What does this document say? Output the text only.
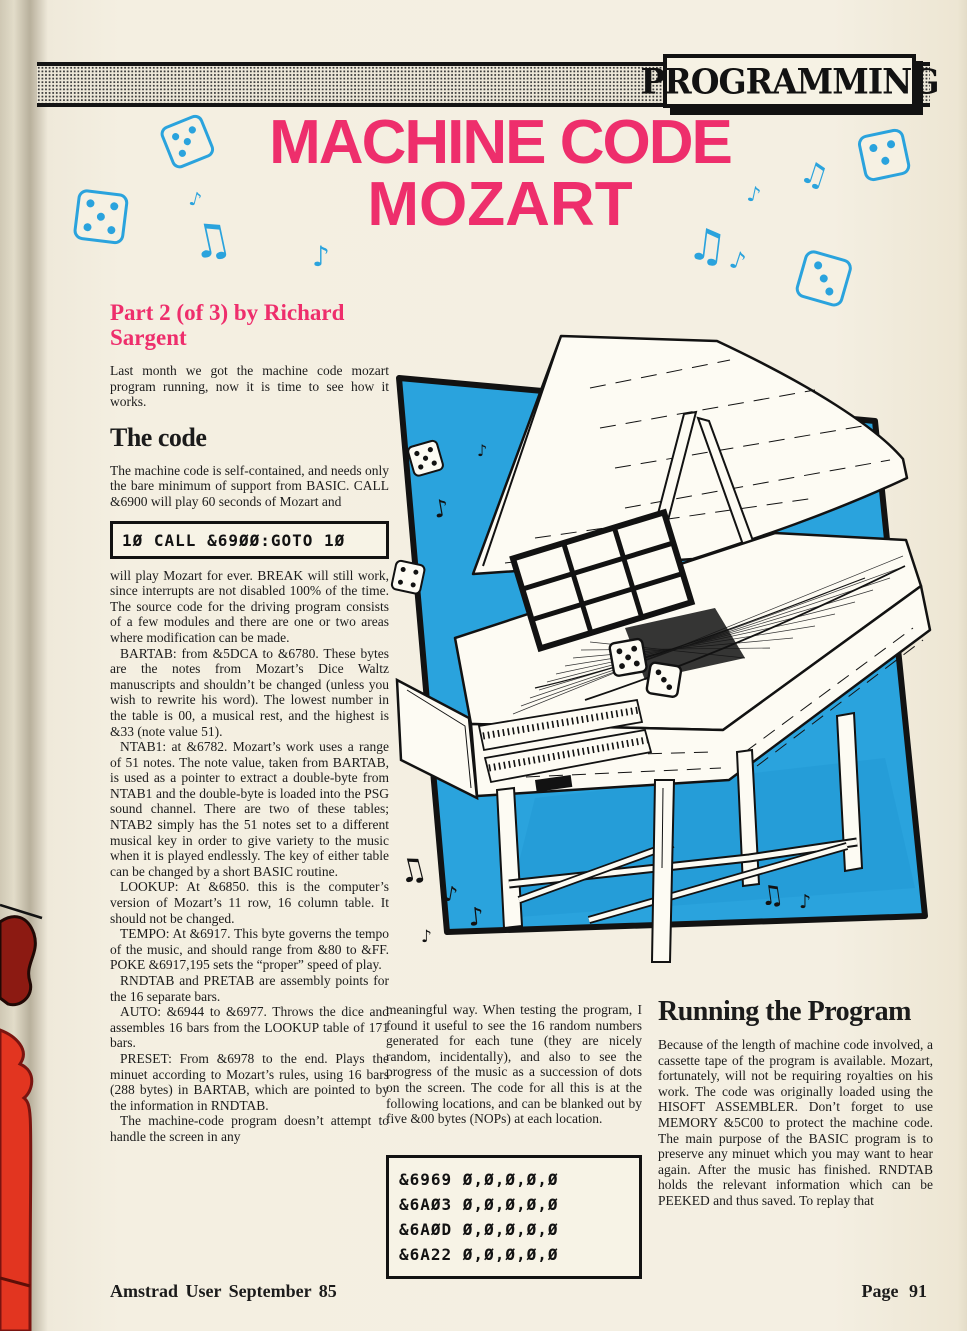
PROGRAMMING
MACHINE CODE
MOZART
♫
♪
♪	♫
♪
♪ ♫
Part 2 (of 3) by Richard Sargent

Last month we got the machine code mozart program running, now it is time to see how it works.

The code

The machine code is self-contained, and needs only the bare minimum of support from BASIC. CALL &6900 will play 60 seconds of Mozart and

1Ø CALL &69ØØ:GOTO 1Ø

will play Mozart for ever. BREAK will still work, since interrupts are not disabled 100% of the time. The source code for the driving program consists of a few modules and there are one or two areas where modification can be made.

BARTAB: from &5DCA to &6780. These bytes are the notes from Mozart’s Dice Waltz manuscripts and shouldn’t be changed (unless you wish to rewrite his word). The lowest number in the table is 00, a musical rest, and the highest is &33 (note value 51).

NTAB1: at &6782. Mozart’s work uses a range of 51 notes. The note value, taken from BARTAB, is used as a pointer to extract a double-byte from NTAB1 and the double-byte is loaded into the PSG sound channel. There are two of these tables; NTAB2 simply has the 51 notes set to a different musical key in order to give variety to the music when it is played endlessly. The key of either table can be changed by a short BASIC routine.

LOOKUP: At &6850. this is the computer’s version of Mozart’s 11 row, 16 column table. It should not be changed.

TEMPO: At &6917. This byte governs the tempo of the music, and should range from &80 to &FF. POKE &6917,195 sets the “proper” speed of play.

RNDTAB and PRETAB are assembly points for the 16 separate bars.

AUTO: &6944 to &6977. Throws the dice and assembles 16 bars from the LOOKUP table of 171 bars.

PRESET: From &6978 to the end. Plays the minuet according to Mozart’s rules, using 16 bars (288 bytes) in BARTAB, which are pointed to by the information in RNDTAB.

The machine-code program doesn’t attempt to handle the screen in any

♪
♪
♫
♪
♪
♪
♫ ♪

meaningful way. When testing the program, I found it useful to see the 16 random numbers generated for each tune (they are nicely random, incidentally), and also to see the progress of the music as a succession of dots on the screen. The code for all this is at the following locations, and can be blanked out by five &00 bytes (NOPs) at each location.

&6969 Ø,Ø,Ø,Ø,Ø
&6AØ3 Ø,Ø,Ø,Ø,Ø
&6AØD Ø,Ø,Ø,Ø,Ø
&6A22 Ø,Ø,Ø,Ø,Ø
Running the Program

Because of the length of machine code involved, a cassette tape of the program is available. Mozart, fortunately, will not be requiring royalties on his work. The code was originally loaded using the HISOFT ASSEMBLER. Don’t forget to use MEMORY &5C00 to protect the machine code. The main purpose of the BASIC program is to preserve any minuet which you may want to hear again. After the music has finished. RNDTAB holds the relevant information which can be PEEKED and thus saved. To replay that

Amstrad User September 85	Page 91
